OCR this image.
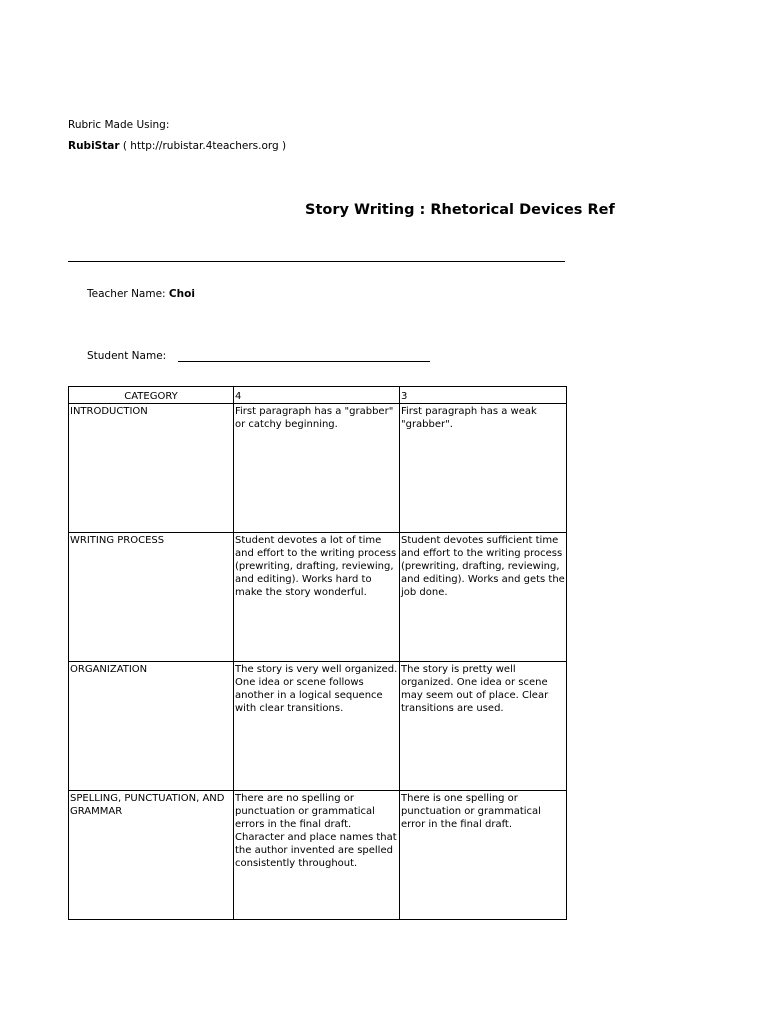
Rubric Made Using:
RubiStar ( http://rubistar.4teachers.org )
Story Writing : Rhetorical Devices Ref
Teacher Name: Choi
Student Name:
CATEGORY	4	3
INTRODUCTION	First paragraph has a "grabber" or catchy beginning.	First paragraph has a weak "grabber".
WRITING PROCESS	Student devotes a lot of time and effort to the writing process (prewriting, drafting, reviewing, and editing). Works hard to make the story wonderful.	Student devotes sufficient time and effort to the writing process (prewriting, drafting, reviewing, and editing). Works and gets the job done.
ORGANIZATION	The story is very well organized. One idea or scene follows another in a logical sequence with clear transitions.	The story is pretty well organized. One idea or scene may seem out of place. Clear transitions are used.
SPELLING, PUNCTUATION, AND GRAMMAR	There are no spelling or punctuation or grammatical errors in the final draft. Character and place names that the author invented are spelled consistently throughout.	There is one spelling or punctuation or grammatical error in the final draft.
